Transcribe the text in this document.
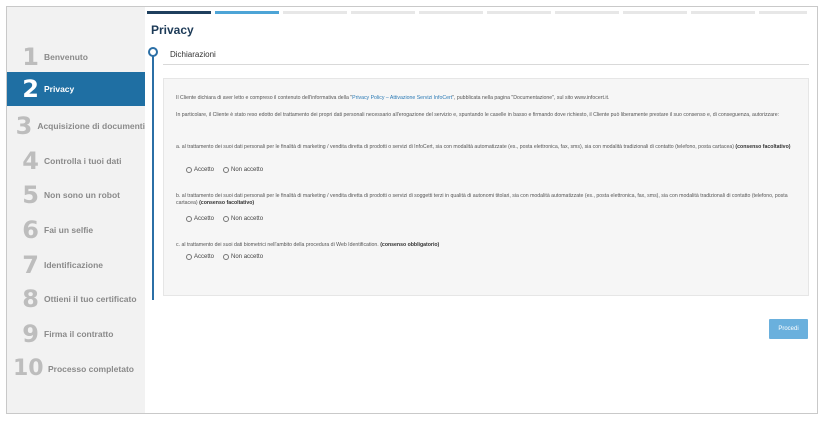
1 Benvenuto
2 Privacy
3 Acquisizione di documenti
4 Controlla i tuoi dati
5 Non sono un robot
6 Fai un selfie
7 Identificazione
8 Ottieni il tuo certificato
9 Firma il contratto
10 Processo completato
Privacy
Dichiarazioni
Il Cliente dichiara di aver letto e compreso il contenuto dell'informativa della "Privacy Policy – Attivazione Servizi InfoCert", pubblicata nella pagina "Documentazione", sul sito www.infocert.it.
In particolare, il Cliente è stato reso edotto del trattamento dei propri dati personali necessario all'erogazione del servizio e, spuntando le caselle in basso e firmando dove richiesto, il Cliente può liberamente prestare il suo consenso e, di conseguenza, autorizzare:
a. al trattamento dei suoi dati personali per le finalità di marketing / vendita diretta di prodotti o servizi di InfoCert, sia con modalità automatizzate (es., posta elettronica, fax, sms), sia con modalità tradizionali di contatto (telefono, posta cartacea) (consenso facoltativo)
Accetto	Non accetto
b. al trattamento dei suoi dati personali per le finalità di marketing / vendita diretta di prodotti o servizi di soggetti terzi in qualità di autonomi titolari, sia con modalità automatizzate (es., posta elettronica, fax, sms), sia con modalità tradizionali di contatto (telefono, posta cartacea) (consenso facoltativo)
Accetto	Non accetto
c. al trattamento dei suoi dati biometrici nell'ambito della procedura di Web Identification. (consenso obbligatorio)
Accetto	Non accetto
Procedi
